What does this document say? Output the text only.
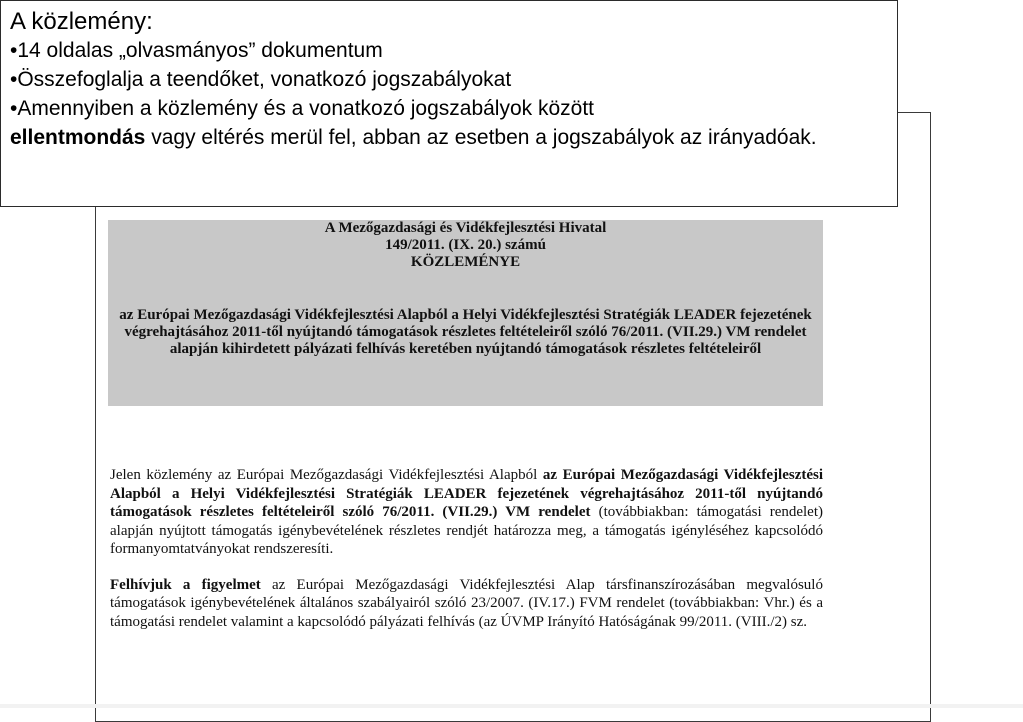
A Mezőgazdasági és Vidékfejlesztési Hivatal
149/2011. (IX. 20.) számú
KÖZLEMÉNYE
az Európai Mezőgazdasági Vidékfejlesztési Alapból a Helyi Vidékfejlesztési Stratégiák LEADER fejezetének végrehajtásához 2011-től nyújtandó támogatások részletes feltételeiről szóló 76/2011. (VII.29.) VM rendelet alapján kihirdetett pályázati felhívás keretében nyújtandó támogatások részletes feltételeiről

Jelen közlemény az Európai Mezőgazdasági Vidékfejlesztési Alapból az Európai Mezőgazdasági Vidékfejlesztési Alapból a Helyi Vidékfejlesztési Stratégiák LEADER fejezetének végrehajtásához 2011-től nyújtandó támogatások részletes feltételeiről szóló 76/2011. (VII.29.) VM rendelet (továbbiakban: támogatási rendelet) alapján nyújtott támogatás igénybevételének részletes rendjét határozza meg, a támogatás igényléséhez kapcsolódó formanyomtatványokat rendszeresíti.

Felhívjuk a figyelmet az Európai Mezőgazdasági Vidékfejlesztési Alap társfinanszírozásában megvalósuló támogatások igénybevételének általános szabályairól szóló 23/2007. (IV.17.) FVM rendelet (továbbiakban: Vhr.) és a támogatási rendelet valamint a kapcsolódó pályázati felhívás (az ÚVMP Irányító Hatóságának 99/2011. (VIII./2) sz.

A közlemény:
•14 oldalas „olvasmányos” dokumentum
•Összefoglalja a teendőket, vonatkozó jogszabályokat
•Amennyiben a közlemény és a vonatkozó jogszabályok között
ellentmondás vagy eltérés merül fel, abban az esetben a jogszabályok az irányadóak.
